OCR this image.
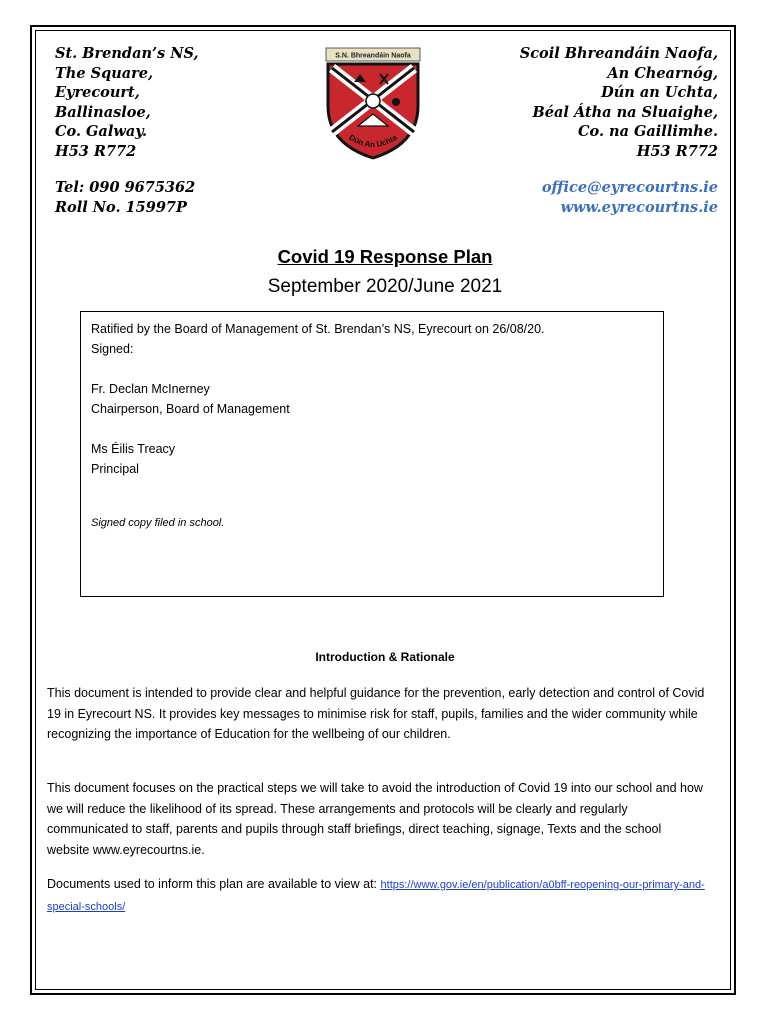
St. Brendan’s NS,
The Square,
Eyrecourt,
Ballinasloe,
Co. Galway.
H53 R772
Scoil Bhreandáin Naofa,
An Chearnóg,
Dún an Uchta,
Béal Átha na Sluaighe,
Co. na Gaillimhe.
H53 R772
Tel: 090 9675362
Roll No. 15997P
office@eyrecourtns.ie
www.eyrecourtns.ie
S.N. Bhreandáin Naofa
Dún An Uchta
Covid 19 Response Plan
September 2020/June 2021

Ratified by the Board of Management of St. Brendan’s NS, Eyrecourt on 26/08/20.

Signed:

Fr. Declan McInerney

Chairperson, Board of Management

Ms Éilis Treacy

Principal

Signed copy filed in school.

Introduction & Rationale
This document is intended to provide clear and helpful guidance for the prevention, early detection and control of Covid 19 in Eyrecourt NS. It provides key messages to minimise risk for staff, pupils, families and the wider community while recognizing the importance of Education for the wellbeing of our children.
This document focuses on the practical steps we will take to avoid the introduction of Covid 19 into our school and how we will reduce the likelihood of its spread. These arrangements and protocols will be clearly and regularly communicated to staff, parents and pupils through staff briefings, direct teaching, signage, Texts and the school website www.eyrecourtns.ie.
Documents used to inform this plan are available to view at: https://www.gov.ie/en/publication/a0bff-reopening-our-primary-and-special-schools/
